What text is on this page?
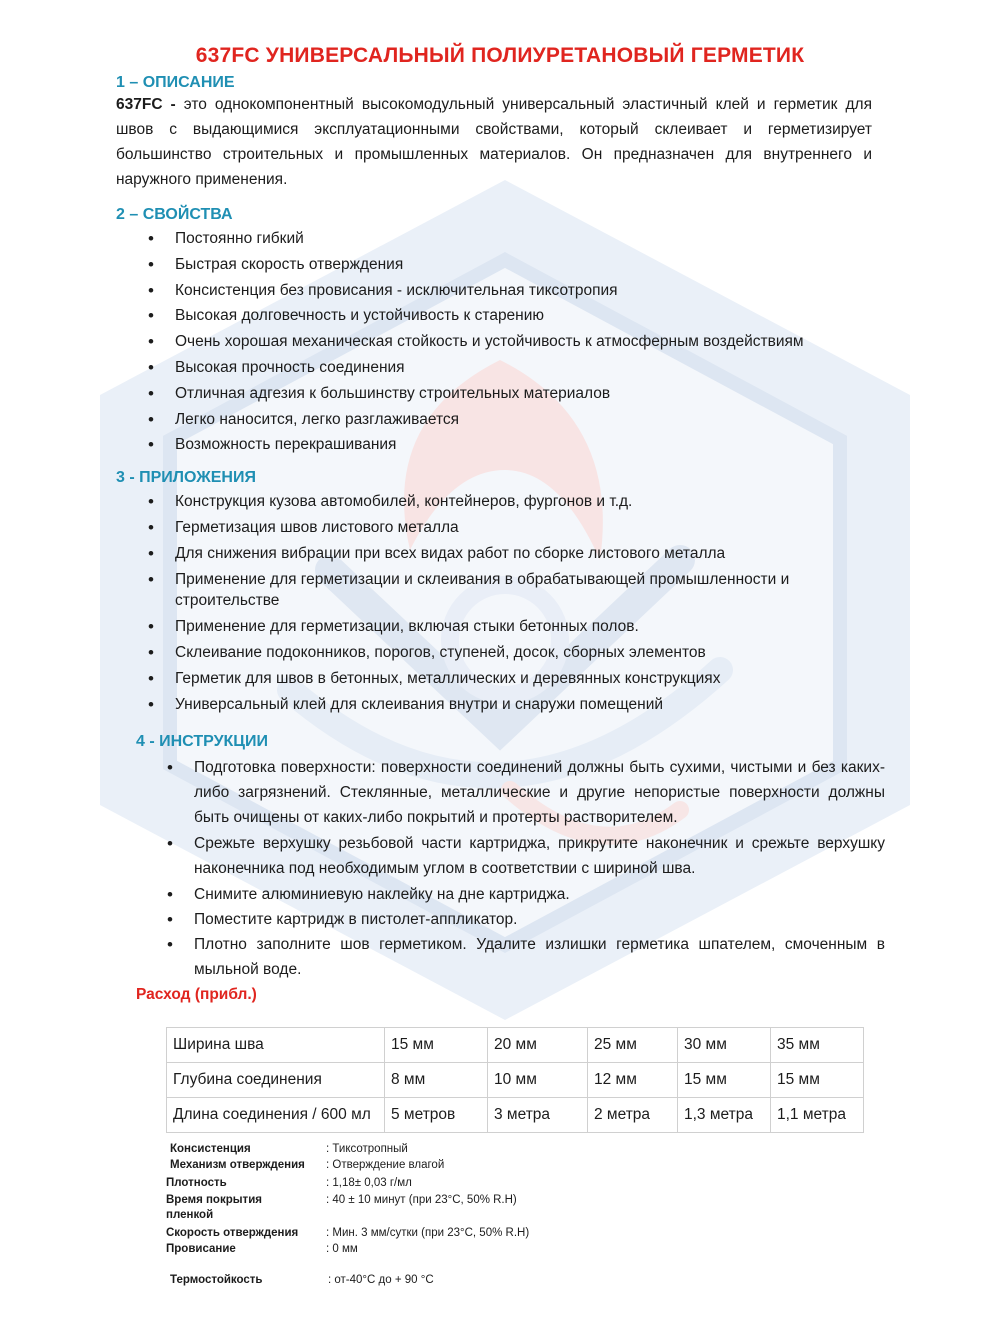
637FC УНИВЕРСАЛЬНЫЙ ПОЛИУРЕТАНОВЫЙ ГЕРМЕТИК
1 – ОПИСАНИЕ
637FC - это однокомпонентный высокомодульный универсальный эластичный клей и герметик для швов с выдающимися эксплуатационными свойствами, который склеивает и герметизирует большинство строительных и промышленных материалов. Он предназначен для внутреннего и наружного применения.
2 – СВОЙСТВА
• Постоянно гибкий
• Быстрая скорость отверждения
• Консистенция без провисания - исключительная тиксотропия
• Высокая долговечность и устойчивость к старению
• Очень хорошая механическая стойкость и устойчивость к атмосферным воздействиям
• Высокая прочность соединения
• Отличная адгезия к большинству строительных материалов
• Легко наносится, легко разглаживается
• Возможность перекрашивания
3 - ПРИЛОЖЕНИЯ
• Конструкция кузова автомобилей, контейнеров, фургонов и т.д.
• Герметизация швов листового металла
• Для снижения вибрации при всех видах работ по сборке листового металла
• Применение для герметизации и склеивания в обрабатывающей промышленности и строительстве
• Применение для герметизации, включая стыки бетонных полов.
• Склеивание подоконников, порогов, ступеней, досок, сборных элементов
• Герметик для швов в бетонных, металлических и деревянных конструкциях
• Универсальный клей для склеивания внутри и снаружи помещений
4 - ИНСТРУКЦИИ
• Подготовка поверхности: поверхности соединений должны быть сухими, чистыми и без каких-либо загрязнений. Стеклянные, металлические и другие непористые поверхности должны быть очищены от каких-либо покрытий и протерты растворителем.
• Срежьте верхушку резьбовой части картриджа, прикрутите наконечник и срежьте верхушку наконечника под необходимым углом в соответствии с шириной шва.
• Снимите алюминиевую наклейку на дне картриджа.
• Поместите картридж в пистолет-аппликатор.
• Плотно заполните шов герметиком. Удалите излишки герметика шпателем, смоченным в мыльной воде.
Расход (прибл.)
Ширина шва	15 мм	20 мм	25 мм	30 мм	35 мм
Глубина соединения	8 мм	10 мм	12 мм	15 мм	15 мм
Длина соединения / 600 мл	5 метров	3 метра	2 метра	1,3 метра	1,1 метра
Консистенция	: Тиксотропный
Механизм отверждения	: Отверждение влагой
Плотность	: 1,18± 0,03 г/мл
Время покрытия пленкой
: 40 ± 10 минут (при 23°C, 50% R.H)
Скорость отверждения	: Мин. 3 мм/сутки (при 23°C, 50% R.H)
Провисание	: 0 мм
Термостойкость	: от-40°C до + 90 °C
